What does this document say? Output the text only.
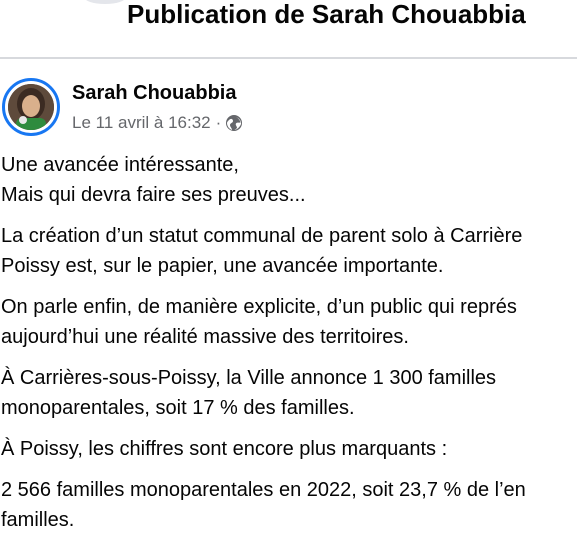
Publication de Sarah Chouabbia
Sarah Chouabbia
Le 11 avril à 16:32 ·

Une avancée intéressante,
Mais qui devra faire ses preuves...

La création d’un statut communal de parent solo à Carrière
Poissy est, sur le papier, une avancée importante.

On parle enfin, de manière explicite, d’un public qui représ
aujourd’hui une réalité massive des territoires.

À Carrières-sous-Poissy, la Ville annonce 1 300 familles
monoparentales, soit 17 % des familles.

À Poissy, les chiffres sont encore plus marquants :

2 566 familles monoparentales en 2022, soit 23,7 % de l’en
familles.
